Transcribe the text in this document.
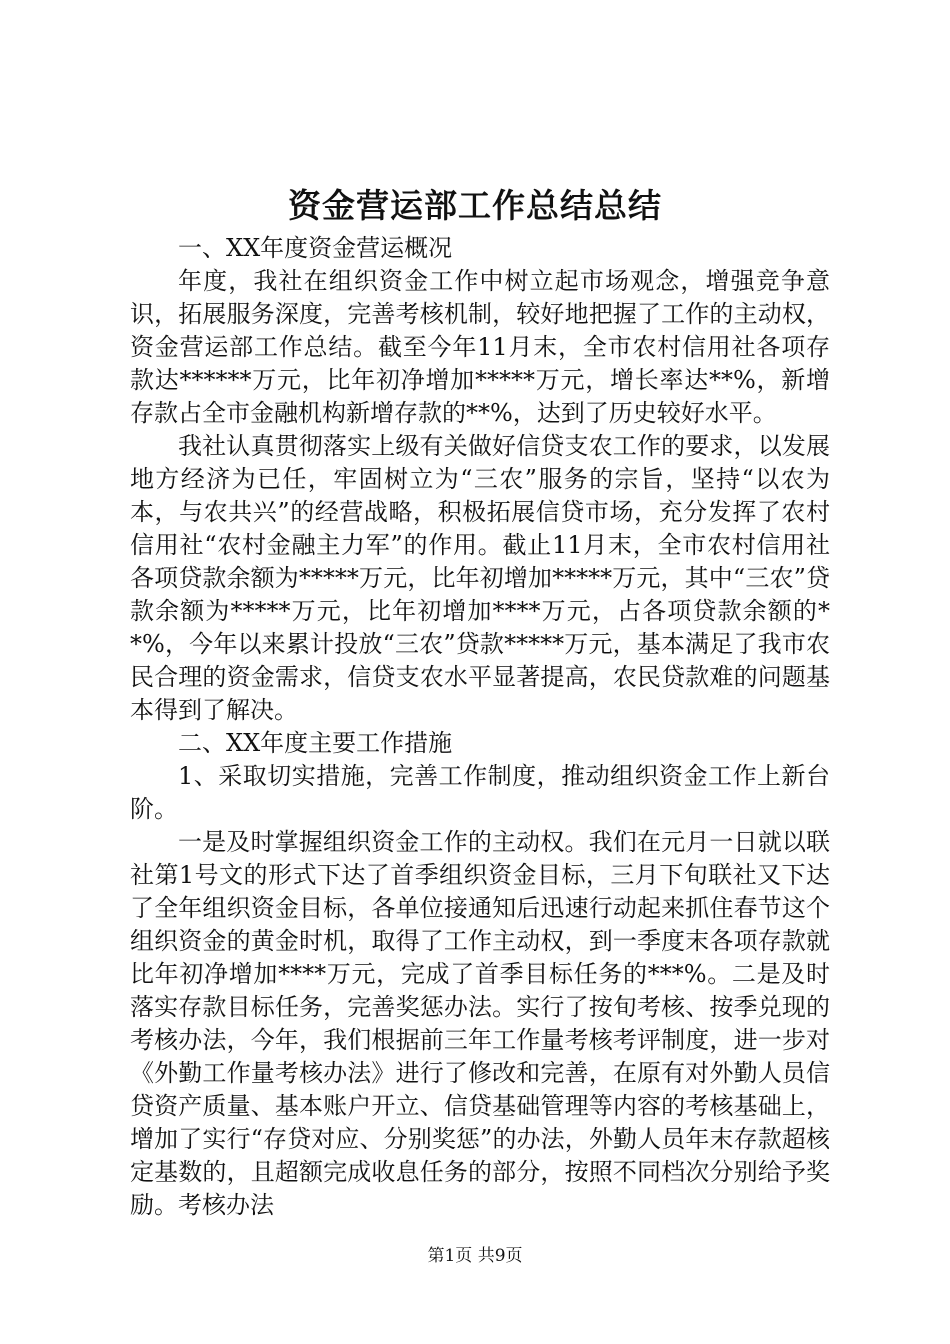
资金营运部工作总结总结

一、XX年度资金营运概况

年度，我社在组织资金工作中树立起市场观念，增强竞争意识，拓展服务深度，完善考核机制，较好地把握了工作的主动权，资金营运部工作总结。截至今年11月末，全市农村信用社各项存款达******万元，比年初净增加*****万元，增长率达**%，新增存款占全市金融机构新增存款的**%，达到了历史较好水平。

我社认真贯彻落实上级有关做好信贷支农工作的要求，以发展地方经济为已任，牢固树立为“三农”服务的宗旨，坚持“以农为本，与农共兴”的经营战略，积极拓展信贷市场，充分发挥了农村信用社“农村金融主力军”的作用。截止11月末，全市农村信用社各项贷款余额为*****万元，比年初增加*****万元，其中“三农”贷款余额为*****万元，比年初增加****万元，占各项贷款余额的**%，今年以来累计投放“三农”贷款*****万元，基本满足了我市农民合理的资金需求，信贷支农水平显著提高，农民贷款难的问题基本得到了解决。

二、XX年度主要工作措施

1、采取切实措施，完善工作制度，推动组织资金工作上新台阶。

一是及时掌握组织资金工作的主动权。我们在元月一日就以联社第1号文的形式下达了首季组织资金目标，三月下旬联社又下达了全年组织资金目标，各单位接通知后迅速行动起来抓住春节这个组织资金的黄金时机，取得了工作主动权，到一季度末各项存款就比年初净增加****万元，完成了首季目标任务的***%。二是及时落实存款目标任务，完善奖惩办法。实行了按旬考核、按季兑现的考核办法，今年，我们根据前三年工作量考核考评制度，进一步对《外勤工作量考核办法》进行了修改和完善，在原有对外勤人员信贷资产质量、基本账户开立、信贷基础管理等内容的考核基础上，增加了实行“存贷对应、分别奖惩”的办法，外勤人员年末存款超核定基数的，且超额完成收息任务的部分，按照不同档次分别给予奖励。考核办法

第1页 共9页
